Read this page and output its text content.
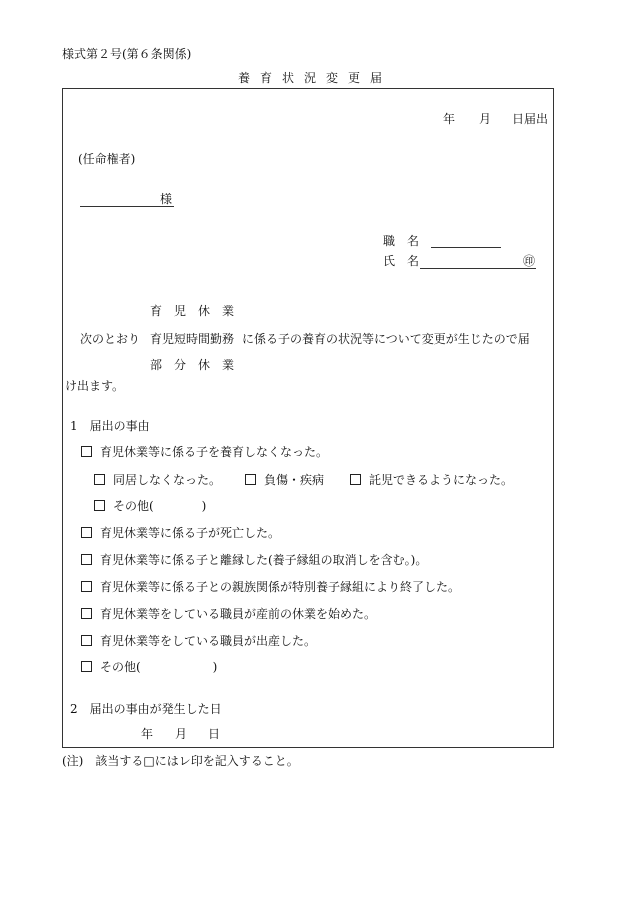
様式第２号(第６条関係)
養育状況変更届
年 月 日届出
(任命権者)
様
職　名
氏　名	㊞
育　児　休　業
次のとおり 育児短時間勤務 に係る子の養育の状況等について変更が生じたので届
部　分　休　業
け出ます。
1　届出の事由
育児休業等に係る子を養育しなくなった。
同居しなくなった。	負傷・疾病	託児できるようになった。
その他(　　　　)
育児休業等に係る子が死亡した。
育児休業等に係る子と離縁した(養子縁組の取消しを含む。)。
育児休業等に係る子との親族関係が特別養子縁組により終了した。
育児休業等をしている職員が産前の休業を始めた。
育児休業等をしている職員が出産した。
その他(　　　　　　)
2　届出の事由が発生した日
年 月 日
(注)　該当する□にはレ印を記入すること。
